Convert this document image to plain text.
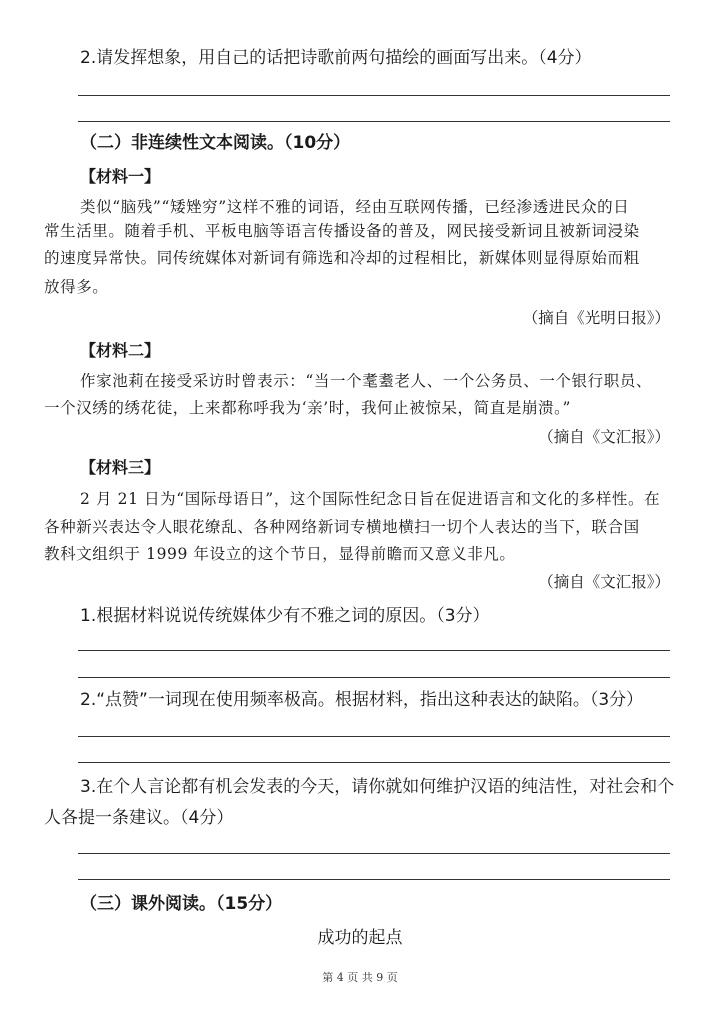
2.请发挥想象，用自己的话把诗歌前两句描绘的画面写出来。（4分）
（二）非连续性文本阅读。（10分）
【材料一】
类似“脑残”“矮矬穷”这样不雅的词语，经由互联网传播，已经渗透进民众的日
常生活里。随着手机、平板电脑等语言传播设备的普及，网民接受新词且被新词浸染
的速度异常快。同传统媒体对新词有筛选和冷却的过程相比，新媒体则显得原始而粗
放得多。
（摘自《光明日报》）
【材料二】
作家池莉在接受采访时曾表示：“当一个耄耋老人、一个公务员、一个银行职员、
一个汉绣的绣花徒，上来都称呼我为‘亲’时，我何止被惊呆，简直是崩溃。”
（摘自《文汇报》）
【材料三】
2 月 21 日为“国际母语日”，这个国际性纪念日旨在促进语言和文化的多样性。在
各种新兴表达令人眼花缭乱、各种网络新词专横地横扫一切个人表达的当下，联合国
教科文组织于 1999 年设立的这个节日，显得前瞻而又意义非凡。
（摘自《文汇报》）
1.根据材料说说传统媒体少有不雅之词的原因。（3分）
2.“点赞”一词现在使用频率极高。根据材料，指出这种表达的缺陷。（3分）
3.在个人言论都有机会发表的今天，请你就如何维护汉语的纯洁性，对社会和个
人各提一条建议。（4分）
（三）课外阅读。（15分）
成功的起点
第 4 页 共 9 页
